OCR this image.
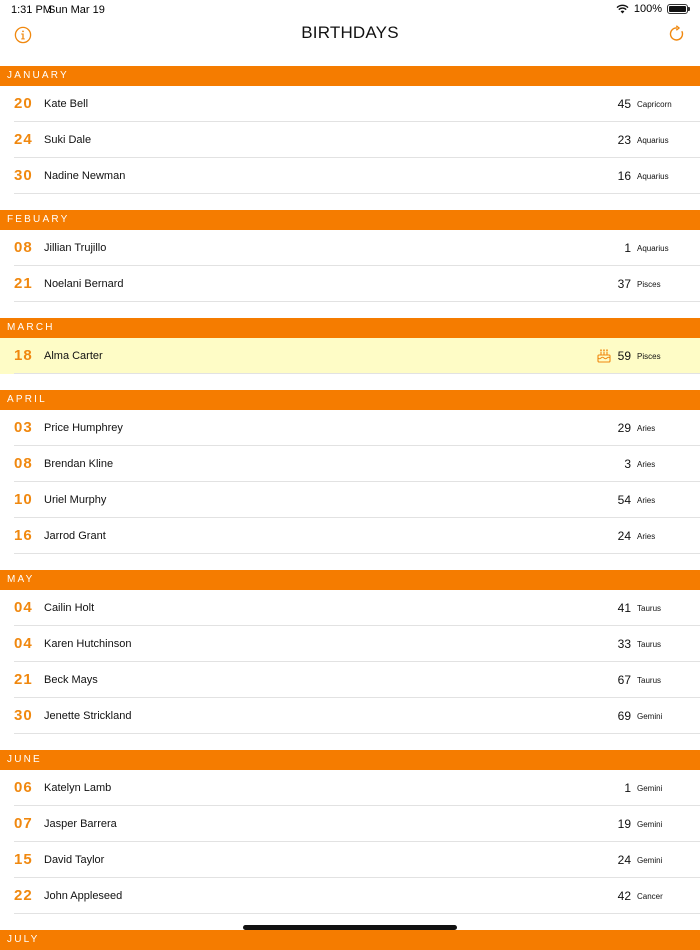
1:31 PM
Sun Mar 19	100%
BIRTHDAYS
JANUARY
20	Kate Bell	45 Capricorn
24	Suki Dale	23 Aquarius
30	Nadine Newman	16 Aquarius
FEBUARY
08	Jillian Trujillo	1 Aquarius
21	Noelani Bernard	37 Pisces
MARCH
18	Alma Carter	59 Pisces
APRIL
03	Price Humphrey	29 Aries
08	Brendan Kline	3 Aries
10	Uriel Murphy	54 Aries
16	Jarrod Grant	24 Aries
MAY
04	Cailin Holt	41 Taurus
04	Karen Hutchinson	33 Taurus
21	Beck Mays	67 Taurus
30	Jenette Strickland	69 Gemini
JUNE
06	Katelyn Lamb	1 Gemini
07	Jasper Barrera	19 Gemini
15	David Taylor	24 Gemini
22	John Appleseed	42 Cancer
JULY
